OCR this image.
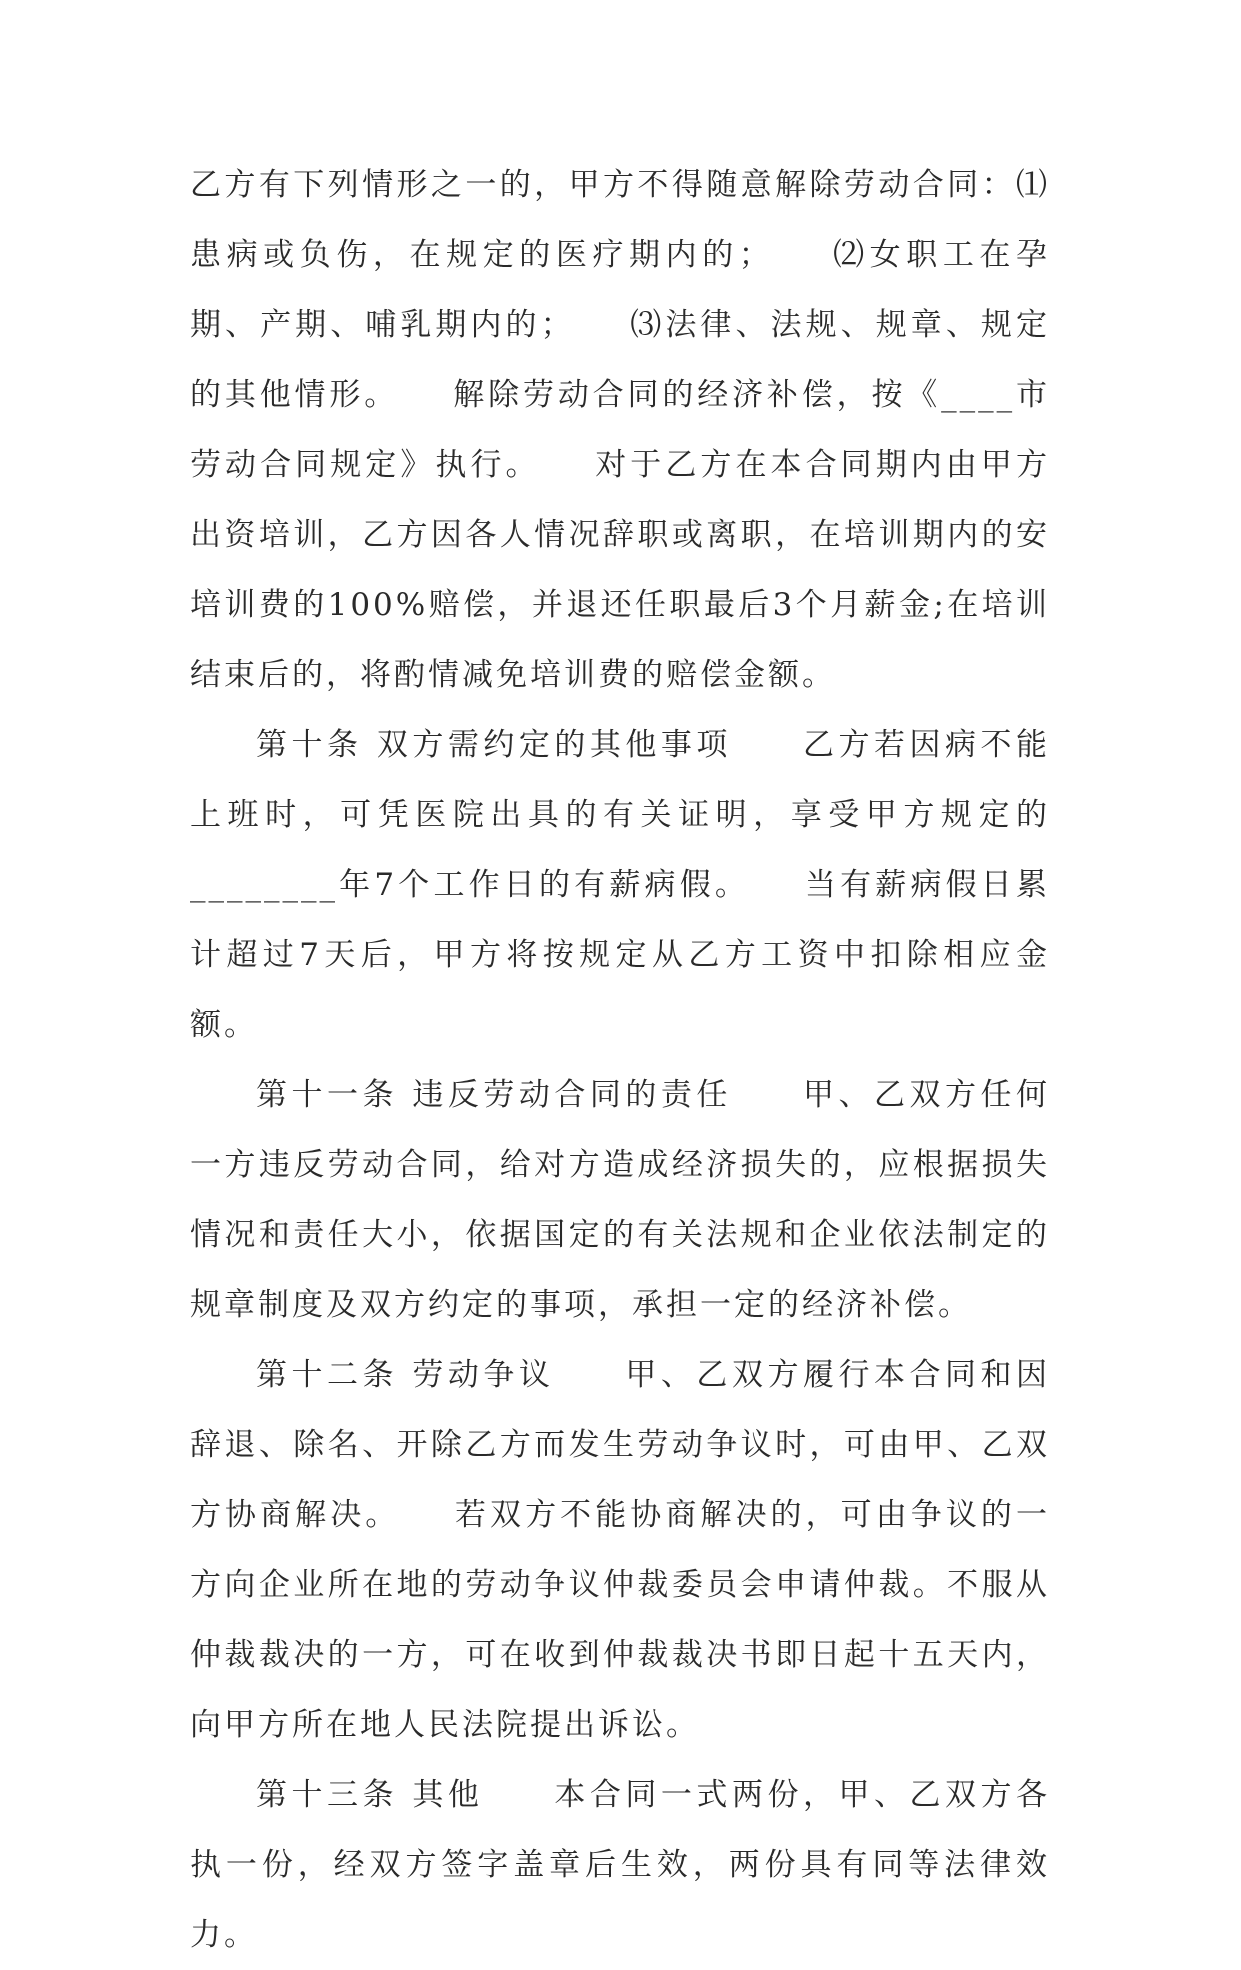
乙方有下列情形之一的，甲方不得随意解除劳动合同：⑴患病或负伤，在规定的医疗期内的；　　⑵女职工在孕期、产期、哺乳期内的；　　⑶法律、法规、规章、规定的其他情形。　　解除劳动合同的经济补偿，按《____市劳动合同规定》执行。　　对于乙方在本合同期内由甲方出资培训，乙方因各人情况辞职或离职，在培训期内的安培训费的100%赔偿，并退还任职最后3个月薪金;在培训结束后的，将酌情减免培训费的赔偿金额。

第十条 双方需约定的其他事项　　乙方若因病不能上班时，可凭医院出具的有关证明，享受甲方规定的________年7个工作日的有薪病假。　　当有薪病假日累计超过7天后，甲方将按规定从乙方工资中扣除相应金额。

第十一条 违反劳动合同的责任　　甲、乙双方任何一方违反劳动合同，给对方造成经济损失的，应根据损失情况和责任大小，依据国定的有关法规和企业依法制定的规章制度及双方约定的事项，承担一定的经济补偿。

第十二条 劳动争议　　甲、乙双方履行本合同和因辞退、除名、开除乙方而发生劳动争议时，可由甲、乙双方协商解决。　　若双方不能协商解决的，可由争议的一方向企业所在地的劳动争议仲裁委员会申请仲裁。不服从仲裁裁决的一方，可在收到仲裁裁决书即日起十五天内，向甲方所在地人民法院提出诉讼。

第十三条 其他　　本合同一式两份，甲、乙双方各执一份，经双方签字盖章后生效，两份具有同等法律效力。
